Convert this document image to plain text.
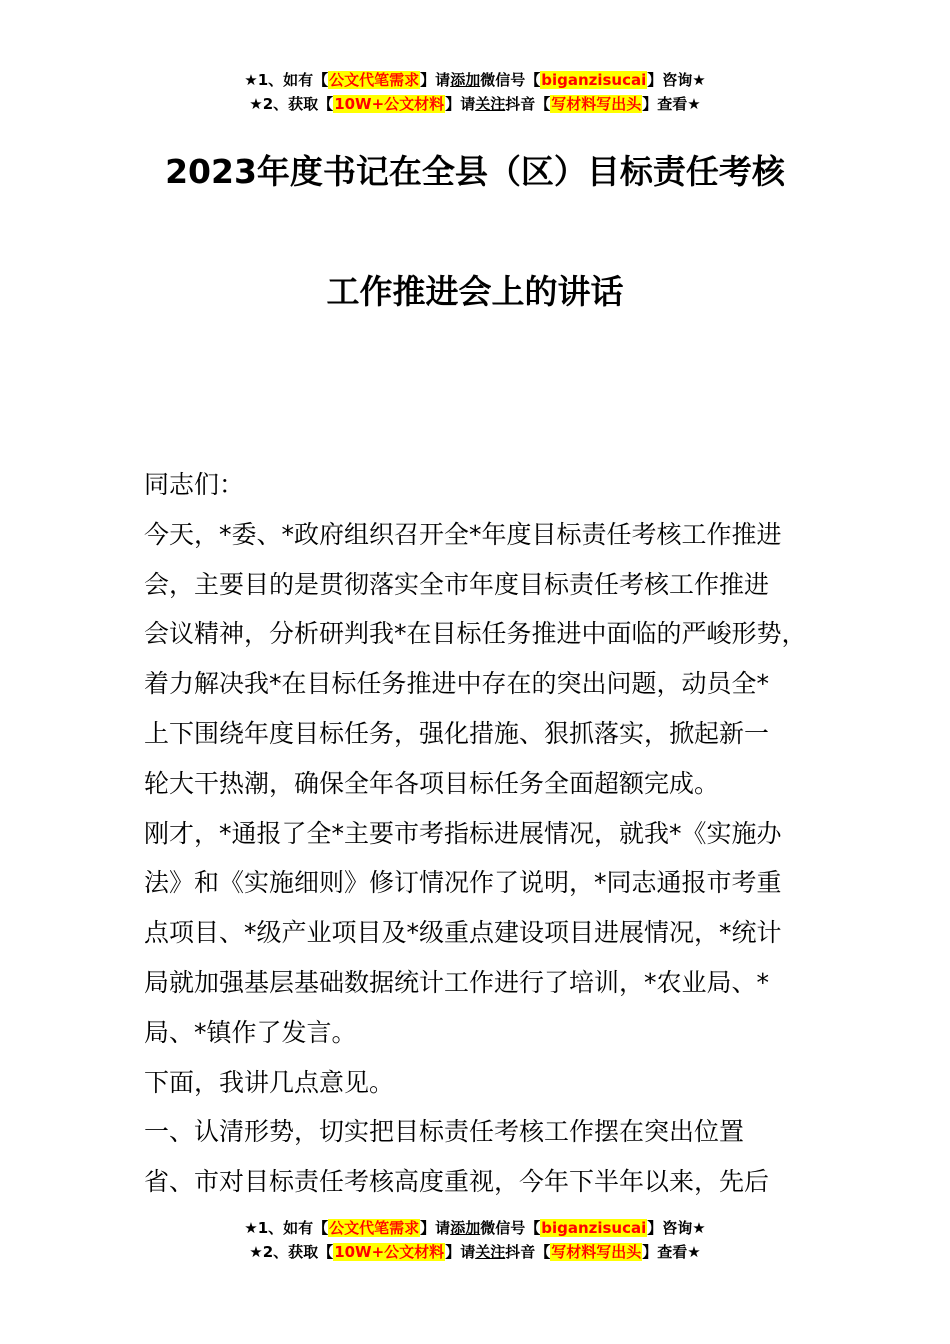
★1、如有【公文代笔需求】请添加微信号【biganzisucai】咨询★
★2、获取【10W+公文材料】请关注抖音【写材料写出头】查看★
2023年度书记在全县（区）目标责任考核
工作推进会上的讲话

同志们：

今天，*委、*政府组织召开全*年度目标责任考核工作推进
会，主要目的是贯彻落实全市年度目标责任考核工作推进
会议精神，分析研判我*在目标任务推进中面临的严峻形势，
着力解决我*在目标任务推进中存在的突出问题，动员全*
上下围绕年度目标任务，强化措施、狠抓落实，掀起新一
轮大干热潮，确保全年各项目标任务全面超额完成。

刚才，*通报了全*主要市考指标进展情况，就我*《实施办
法》和《实施细则》修订情况作了说明，*同志通报市考重
点项目、*级产业项目及*级重点建设项目进展情况，*统计
局就加强基层基础数据统计工作进行了培训，*农业局、*
局、*镇作了发言。

下面，我讲几点意见。

一、认清形势，切实把目标责任考核工作摆在突出位置

省、市对目标责任考核高度重视，今年下半年以来，先后

★1、如有【公文代笔需求】请添加微信号【biganzisucai】咨询★
★2、获取【10W+公文材料】请关注抖音【写材料写出头】查看★
